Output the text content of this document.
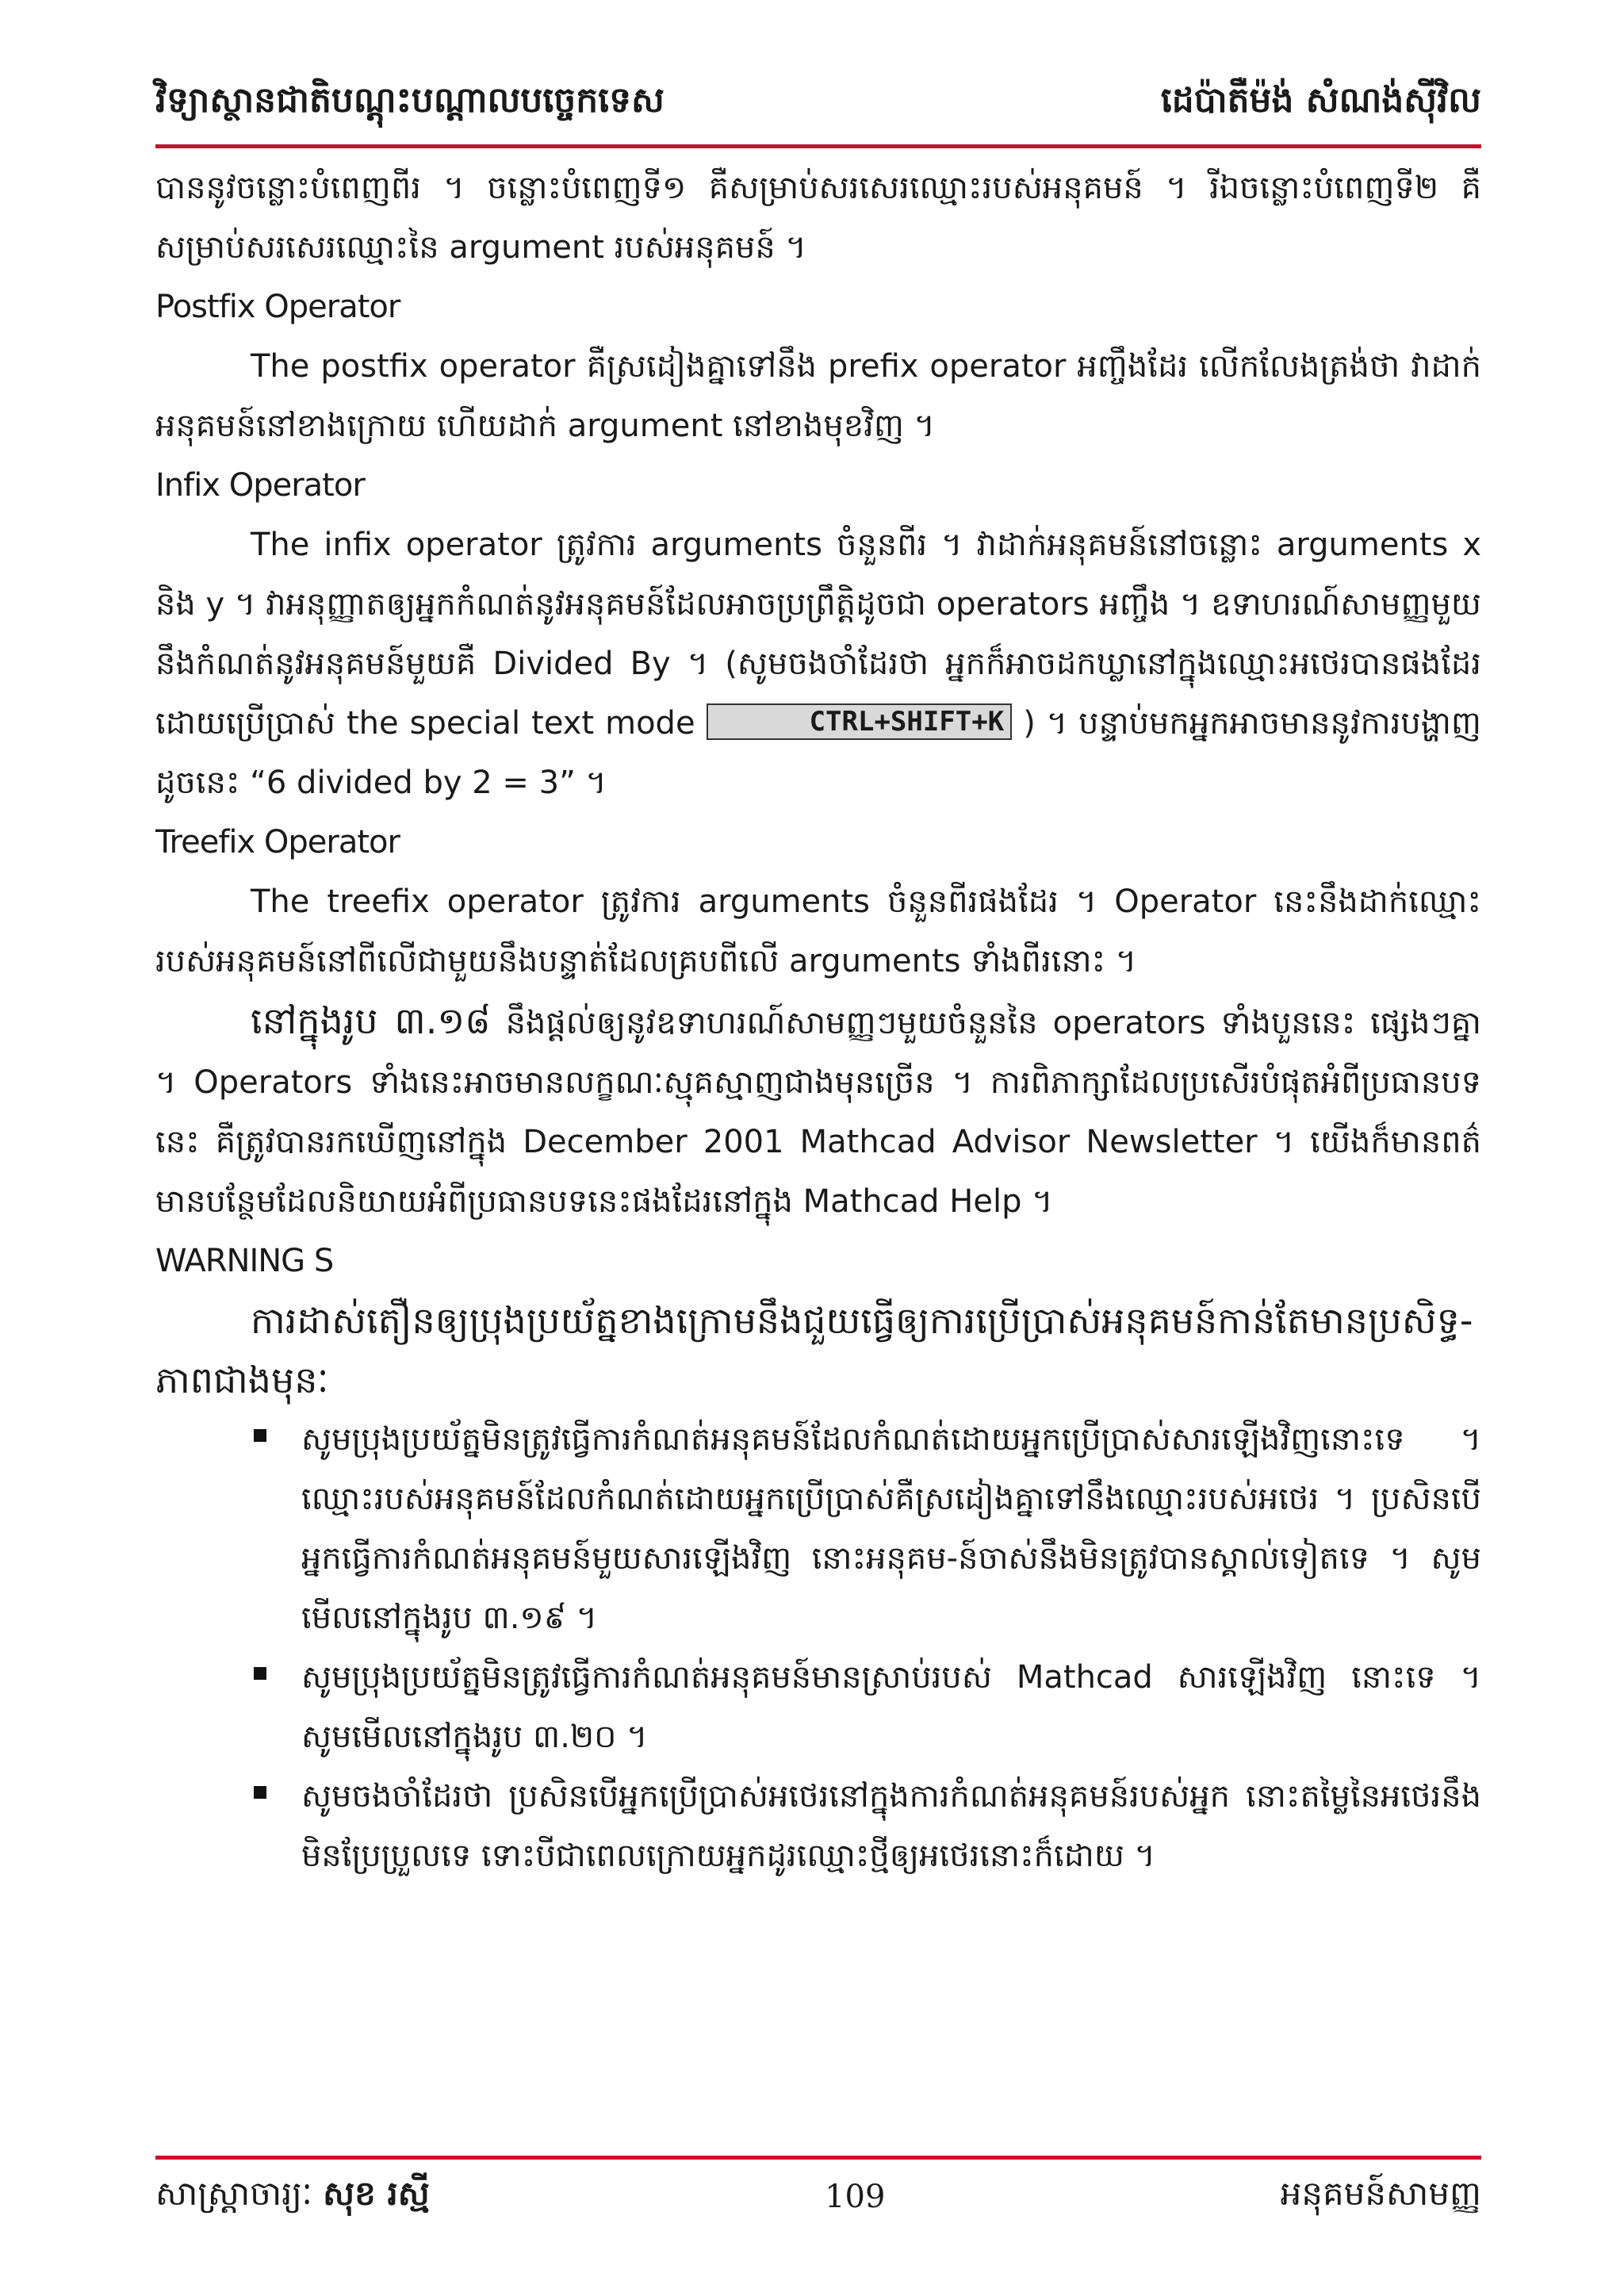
វិទ្យាស្ថានជាតិបណ្តុះបណ្តាលបច្ចេកទេស	ដេប៉ាតឺម៉ង់ សំណង់ស៊ីវិល

បាននូវចន្លោះបំពេញពីរ ។ ចន្លោះបំពេញទី១ គឺសម្រាប់សរសេរឈ្មោះរបស់អនុគមន៍ ។ រីឯចន្លោះបំពេញទី២ គឺសម្រាប់សរសេរឈ្មោះនៃ argument របស់អនុគមន៍ ។

Postfix Operator

The postfix operator គឺស្រដៀងគ្នាទៅនឹង prefix operator អញ្ចឹងដែរ លើកលែងត្រង់ថា វាដាក់អនុគមន៍នៅខាងក្រោយ ហើយដាក់ argument នៅខាងមុខវិញ ។

Infix Operator

The infix operator ត្រូវការ arguments ចំនួនពីរ ។ វាដាក់អនុគមន៍នៅចន្លោះ arguments x និង y ។ វាអនុញ្ញាតឲ្យអ្នកកំណត់នូវអនុគមន៍ដែលអាចប្រព្រឹត្តិដូចជា operators អញ្ចឹង ។ ឧទាហរណ៍សាមញ្ញមួយនឹងកំណត់នូវអនុគមន៍មួយគឺ Divided By ។ (សូមចងចាំដែរថា អ្នកក៏អាចដកឃ្លានៅក្នុងឈ្មោះអថេរបានផងដែរ ដោយប្រើប្រាស់ the special text mode	CTRL+SHIFT+K ) ។ បន្ទាប់មកអ្នកអាចមាននូវការបង្ហាញដូចនេះ “6 divided by 2 = 3” ។

Treefix Operator

The treefix operator ត្រូវការ arguments ចំនួនពីរផងដែរ ។ Operator នេះនឹងដាក់ឈ្មោះរបស់អនុគមន៍នៅពីលើជាមួយនឹងបន្ទាត់ដែលគ្របពីលើ arguments ទាំងពីរនោះ ។

នៅក្នុងរូប ៣.១៨ នឹងផ្តល់ឲ្យនូវឧទាហរណ៍សាមញ្ញៗមួយចំនួននៃ operators ទាំងបួននេះ ផ្សេងៗគ្នា ។ Operators ទាំងនេះអាចមានលក្ខណៈស្មុគស្មាញជាងមុនច្រើន ។ ការពិភាក្សាដែលប្រសើរបំផុតអំពីប្រធានបទនេះ គឺត្រូវបានរកឃើញនៅក្នុង December 2001 Mathcad Advisor Newsletter ។ យើងក៏មានពត៌មានបន្ថែមដែលនិយាយអំពីប្រធានបទនេះផងដែរនៅក្នុង Mathcad Help ។

WARNING S

ការដាស់តឿនឲ្យប្រុងប្រយ័ត្នខាងក្រោមនឹងជួយធ្វើឲ្យការប្រើប្រាស់អនុគមន៍កាន់តែមានប្រសិទ្ធ-ភាពជាងមុនៈ

សូមប្រុងប្រយ័ត្នមិនត្រូវធ្វើការកំណត់អនុគមន៍ដែលកំណត់ដោយអ្នកប្រើប្រាស់សារឡើងវិញនោះទេ ។ ឈ្មោះរបស់អនុគមន៍ដែលកំណត់ដោយអ្នកប្រើប្រាស់គឺស្រដៀងគ្នាទៅនឹងឈ្មោះរបស់អថេរ ។ ប្រសិនបើអ្នកធ្វើការកំណត់អនុគមន៍មួយសារឡើងវិញ នោះអនុគម-ន៍ចាស់នឹងមិនត្រូវបានស្គាល់ទៀតទេ ។ សូមមើលនៅក្នុងរូប ៣.១៩ ។
សូមប្រុងប្រយ័ត្នមិនត្រូវធ្វើការកំណត់អនុគមន៍មានស្រាប់របស់ Mathcad សារឡើងវិញ នោះទេ ។ សូមមើលនៅក្នុងរូប ៣.២០ ។
សូមចងចាំដែរថា ប្រសិនបើអ្នកប្រើប្រាស់អថេរនៅក្នុងការកំណត់អនុគមន៍របស់អ្នក នោះតម្លៃនៃអថេរនឹងមិនប្រែប្រួលទេ ទោះបីជាពេលក្រោយអ្នកដូរឈ្មោះថ្មីឲ្យអថេរនោះក៏ដោយ ។
សាស្ត្រាចារ្យៈ សុខ រស្មី	109	អនុគមន៍សាមញ្ញ
